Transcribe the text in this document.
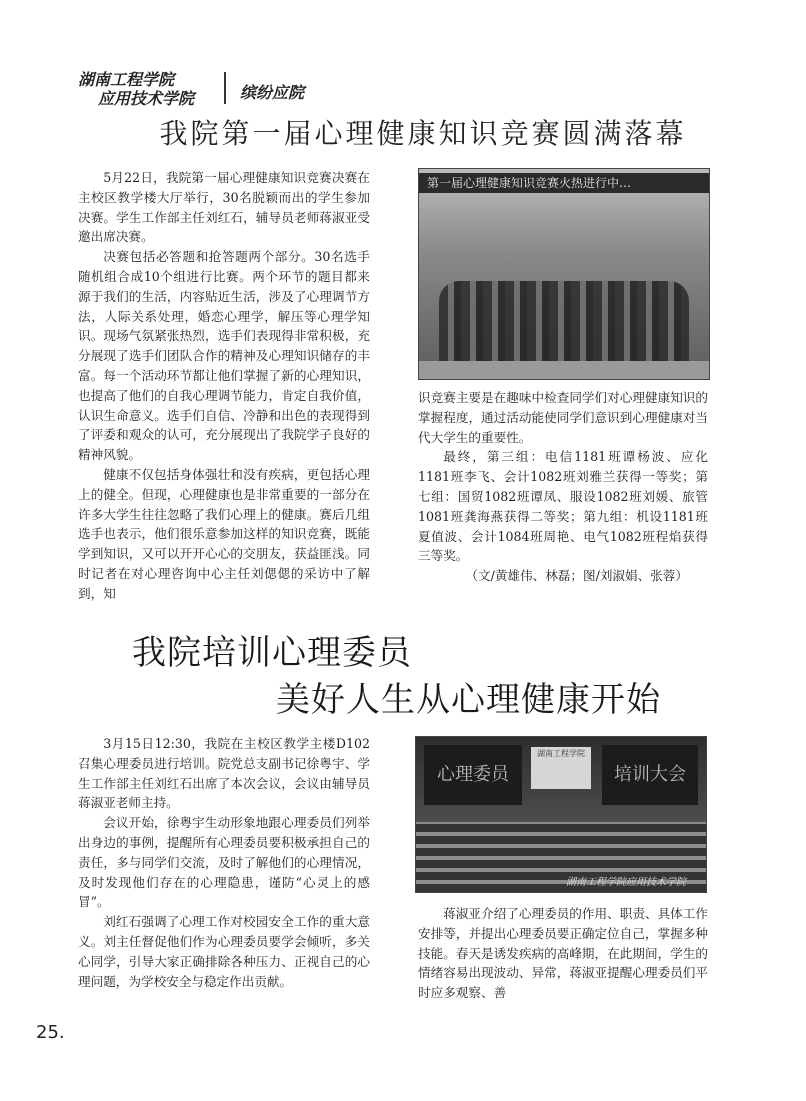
湖南工程学院
应用技术学院	缤纷应院
我院第一届心理健康知识竞赛圆满落幕

5月22日，我院第一届心理健康知识竞赛决赛在主校区教学楼大厅举行，30名脱颖而出的学生参加决赛。学生工作部主任刘红石，辅导员老师蒋淑亚受邀出席决赛。

决赛包括必答题和抢答题两个部分。30名选手随机组合成10个组进行比赛。两个环节的题目都来源于我们的生活，内容贴近生活，涉及了心理调节方法，人际关系处理，婚恋心理学，解压等心理学知识。现场气氛紧张热烈，选手们表现得非常积极，充分展现了选手们团队合作的精神及心理知识储存的丰富。每一个活动环节都让他们掌握了新的心理知识，也提高了他们的自我心理调节能力，肯定自我价值，认识生命意义。选手们自信、冷静和出色的表现得到了评委和观众的认可，充分展现出了我院学子良好的精神风貌。

健康不仅包括身体强壮和没有疾病，更包括心理上的健全。但现，心理健康也是非常重要的一部分在许多大学生往往忽略了我们心理上的健康。赛后几组选手也表示，他们很乐意参加这样的知识竞赛，既能学到知识，又可以开开心心的交朋友，获益匪浅。同时记者在对心理咨询中心主任刘偲偲的采访中了解到，知

第一届心理健康知识竞赛火热进行中…

识竞赛主要是在趣味中检查同学们对心理健康知识的掌握程度，通过活动能使同学们意识到心理健康对当代大学生的重要性。

最终，第三组：电信1181班谭杨波、应化1181班李飞、会计1082班刘雅兰获得一等奖；第七组：国贸1082班谭凤、服设1082班刘媛、旅管1081班龚海燕获得二等奖；第九组：机设1181班夏值波、会计1084班周艳、电气1082班程焰获得三等奖。

（文/黄雄伟、林磊；图/刘淑娟、张蓉）

我院培训心理委员
美好人生从心理健康开始

3月15日12:30，我院在主校区教学主楼D102召集心理委员进行培训。院党总支副书记徐粤宇、学生工作部主任刘红石出席了本次会议，会议由辅导员蒋淑亚老师主持。

会议开始，徐粤宇生动形象地跟心理委员们列举出身边的事例，提醒所有心理委员要积极承担自己的责任，多与同学们交流，及时了解他们的心理情况，及时发现他们存在的心理隐患，谨防“心灵上的感冒”。

刘红石强调了心理工作对校园安全工作的重大意义。刘主任督促他们作为心理委员要学会倾听，多关心同学，引导大家正确排除各种压力、正视自己的心理问题，为学校安全与稳定作出贡献。

心理委员
湖南工程学院
培训大会
湖南工程学院应用技术学院

蒋淑亚介绍了心理委员的作用、职责、具体工作安排等，并提出心理委员要正确定位自己，掌握多种技能。春天是诱发疾病的高峰期，在此期间，学生的情绪容易出现波动、异常，蒋淑亚提醒心理委员们平时应多观察、善

25.
